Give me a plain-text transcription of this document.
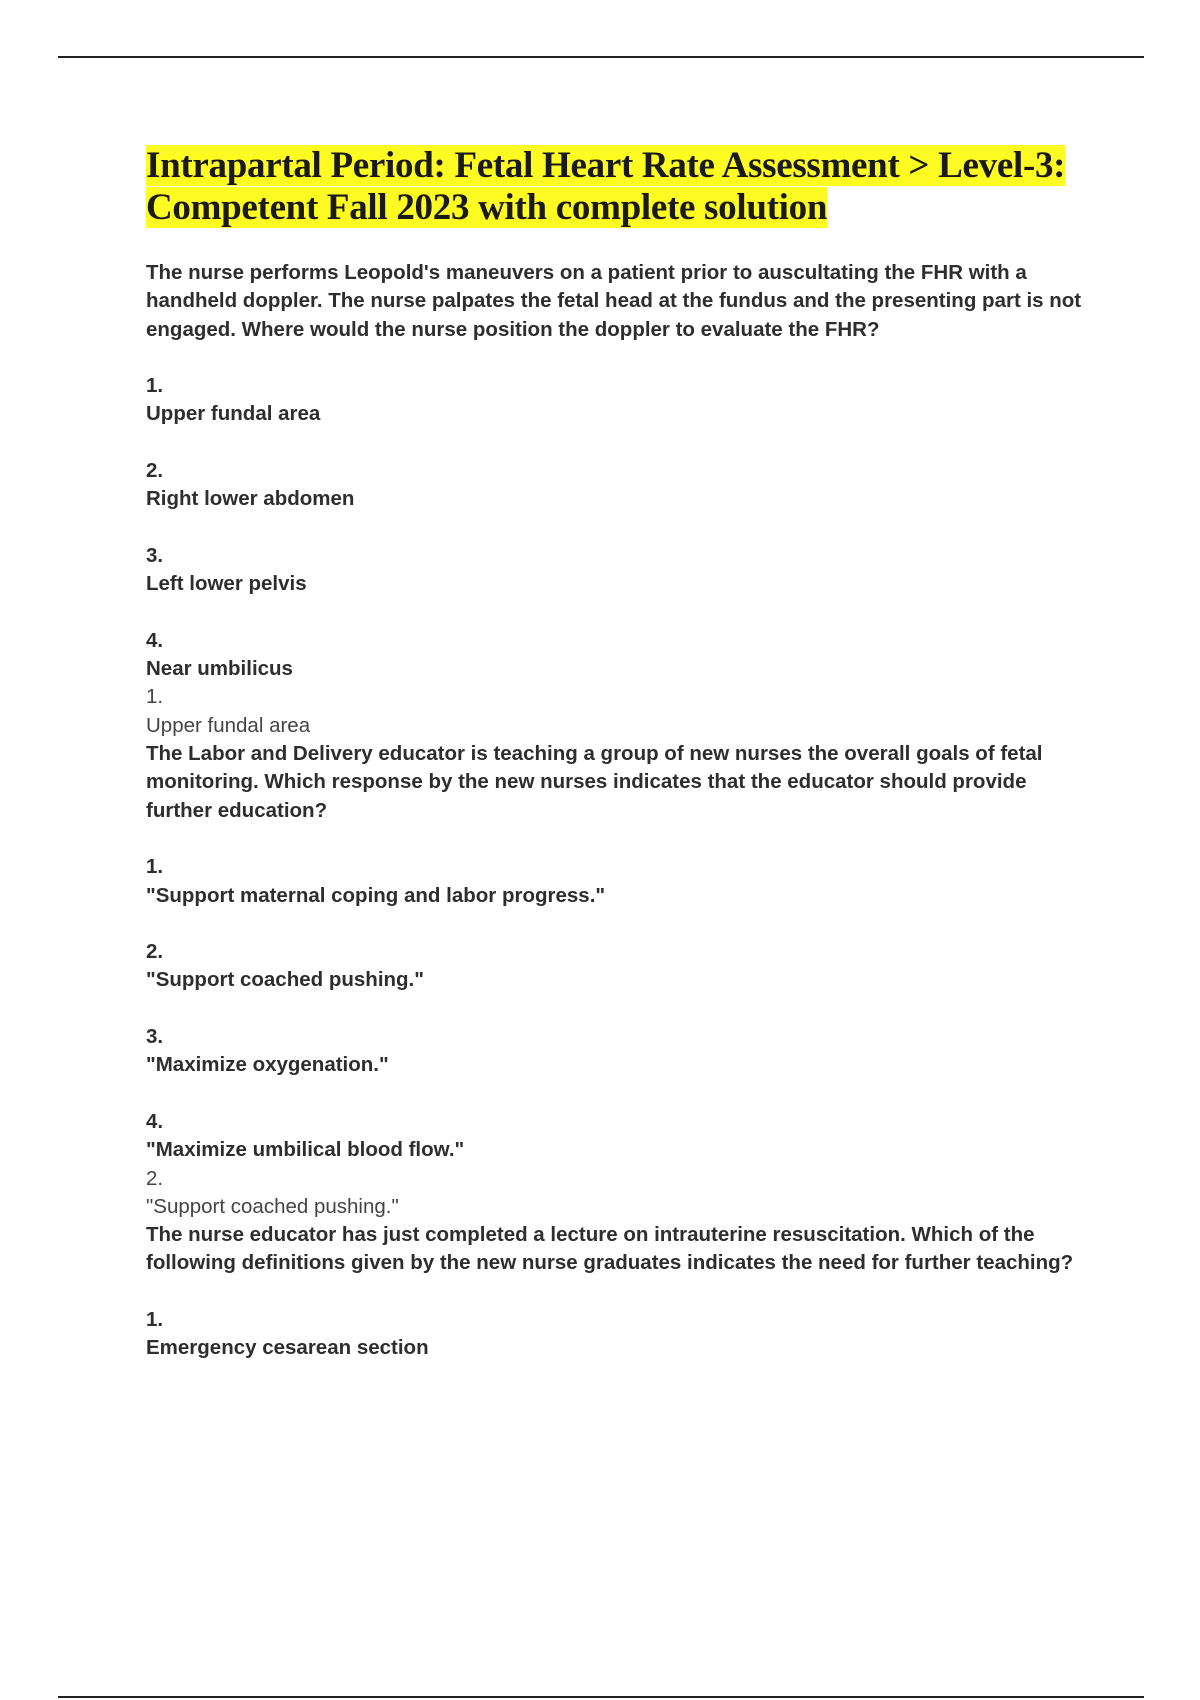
Intrapartal Period: Fetal Heart Rate Assessment > Level-3: Competent Fall 2023 with complete solution

The nurse performs Leopold's maneuvers on a patient prior to auscultating the FHR with a handheld doppler. The nurse palpates the fetal head at the fundus and the presenting part is not engaged. Where would the nurse position the doppler to evaluate the FHR?

1.
Upper fundal area
2.
Right lower abdomen
3.
Left lower pelvis
4.
Near umbilicus
1.
Upper fundal area

The Labor and Delivery educator is teaching a group of new nurses the overall goals of fetal monitoring. Which response by the new nurses indicates that the educator should provide further education?

1.
"Support maternal coping and labor progress."
2.
"Support coached pushing."
3.
"Maximize oxygenation."
4.
"Maximize umbilical blood flow."
2.
"Support coached pushing."

The nurse educator has just completed a lecture on intrauterine resuscitation. Which of the following definitions given by the new nurse graduates indicates the need for further teaching?

1.
Emergency cesarean section
